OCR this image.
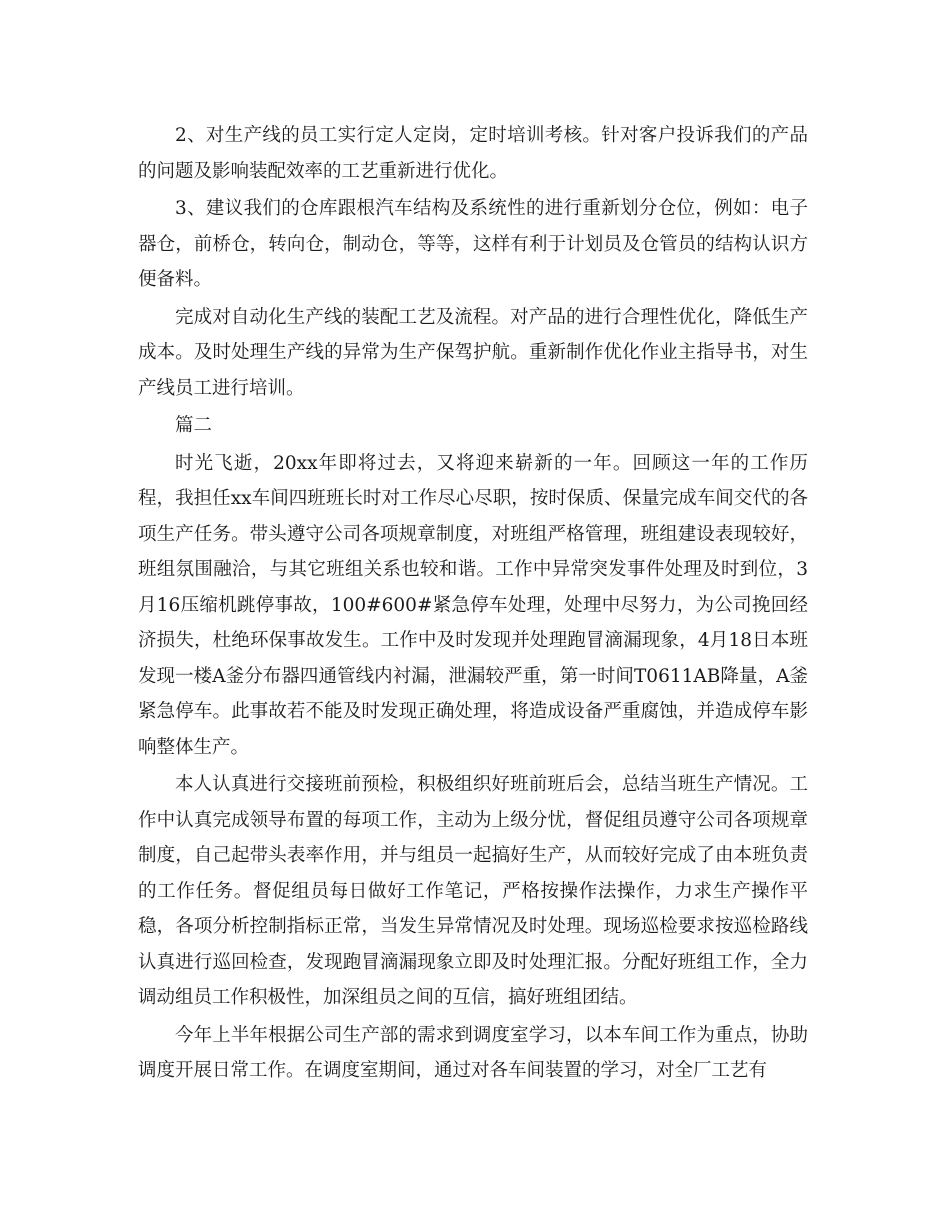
2、对生产线的员工实行定人定岗，定时培训考核。针对客户投诉我们的产品的问题及影响装配效率的工艺重新进行优化。

3、建议我们的仓库跟根汽车结构及系统性的进行重新划分仓位，例如：电子器仓，前桥仓，转向仓，制动仓，等等，这样有利于计划员及仓管员的结构认识方便备料。

完成对自动化生产线的装配工艺及流程。对产品的进行合理性优化，降低生产成本。及时处理生产线的异常为生产保驾护航。重新制作优化作业主指导书，对生产线员工进行培训。

篇二

时光飞逝，20xx年即将过去，又将迎来崭新的一年。回顾这一年的工作历程，我担任xx车间四班班长时对工作尽心尽职，按时保质、保量完成车间交代的各项生产任务。带头遵守公司各项规章制度，对班组严格管理，班组建设表现较好，班组氛围融洽，与其它班组关系也较和谐。工作中异常突发事件处理及时到位，3月16压缩机跳停事故，100#600#紧急停车处理，处理中尽努力，为公司挽回经济损失，杜绝环保事故发生。工作中及时发现并处理跑冒滴漏现象，4月18日本班发现一楼A釜分布器四通管线内衬漏，泄漏较严重，第一时间T0611AB降量，A釜紧急停车。此事故若不能及时发现正确处理，将造成设备严重腐蚀，并造成停车影响整体生产。

本人认真进行交接班前预检，积极组织好班前班后会，总结当班生产情况。工作中认真完成领导布置的每项工作，主动为上级分忧，督促组员遵守公司各项规章制度，自己起带头表率作用，并与组员一起搞好生产，从而较好完成了由本班负责的工作任务。督促组员每日做好工作笔记，严格按操作法操作，力求生产操作平稳，各项分析控制指标正常，当发生异常情况及时处理。现场巡检要求按巡检路线认真进行巡回检查，发现跑冒滴漏现象立即及时处理汇报。分配好班组工作，全力调动组员工作积极性，加深组员之间的互信，搞好班组团结。

今年上半年根据公司生产部的需求到调度室学习，以本车间工作为重点，协助调度开展日常工作。在调度室期间，通过对各车间装置的学习，对全厂工艺有
